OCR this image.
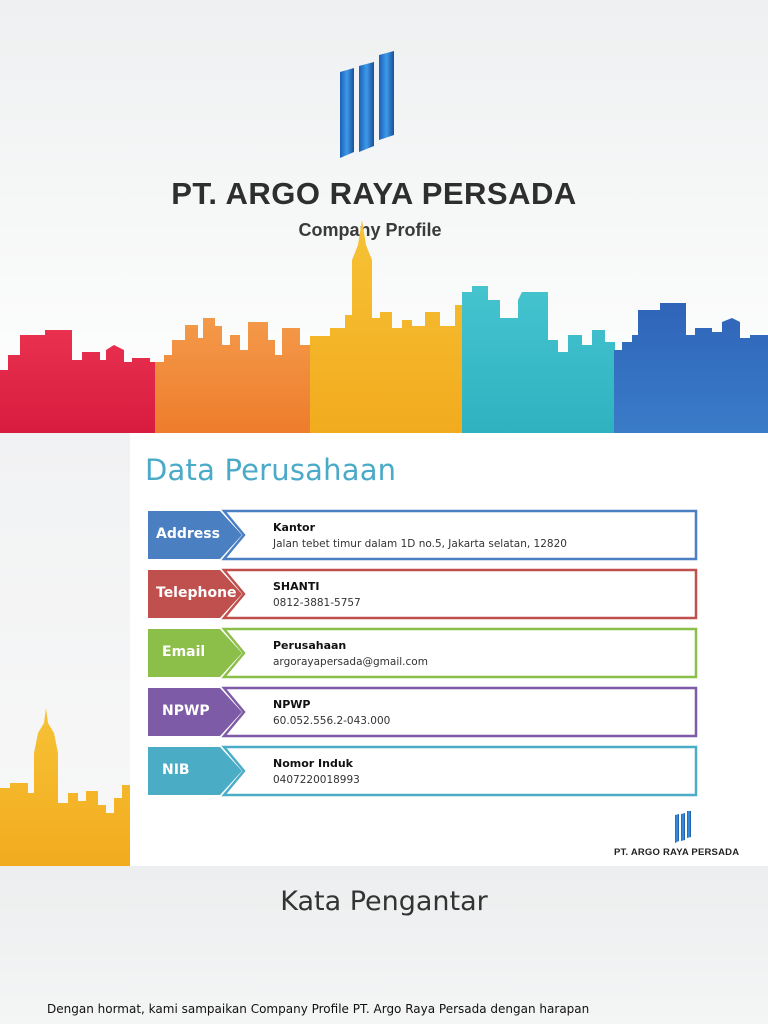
PT. ARGO RAYA PERSADA
Company Profile
Data Perusahaan
Address	Kantor
Jalan tebet timur dalam 1D no.5, Jakarta selatan, 12820
Telephone	SHANTI
0812-3881-5757
Email	Perusahaan
argorayapersada@gmail.com
NPWP	NPWP
60.052.556.2-043.000
NIB	Nomor Induk
0407220018993
PT. ARGO RAYA PERSADA
Kata Pengantar
Dengan hormat, kami sampaikan Company Profile PT. Argo Raya Persada dengan harapan
